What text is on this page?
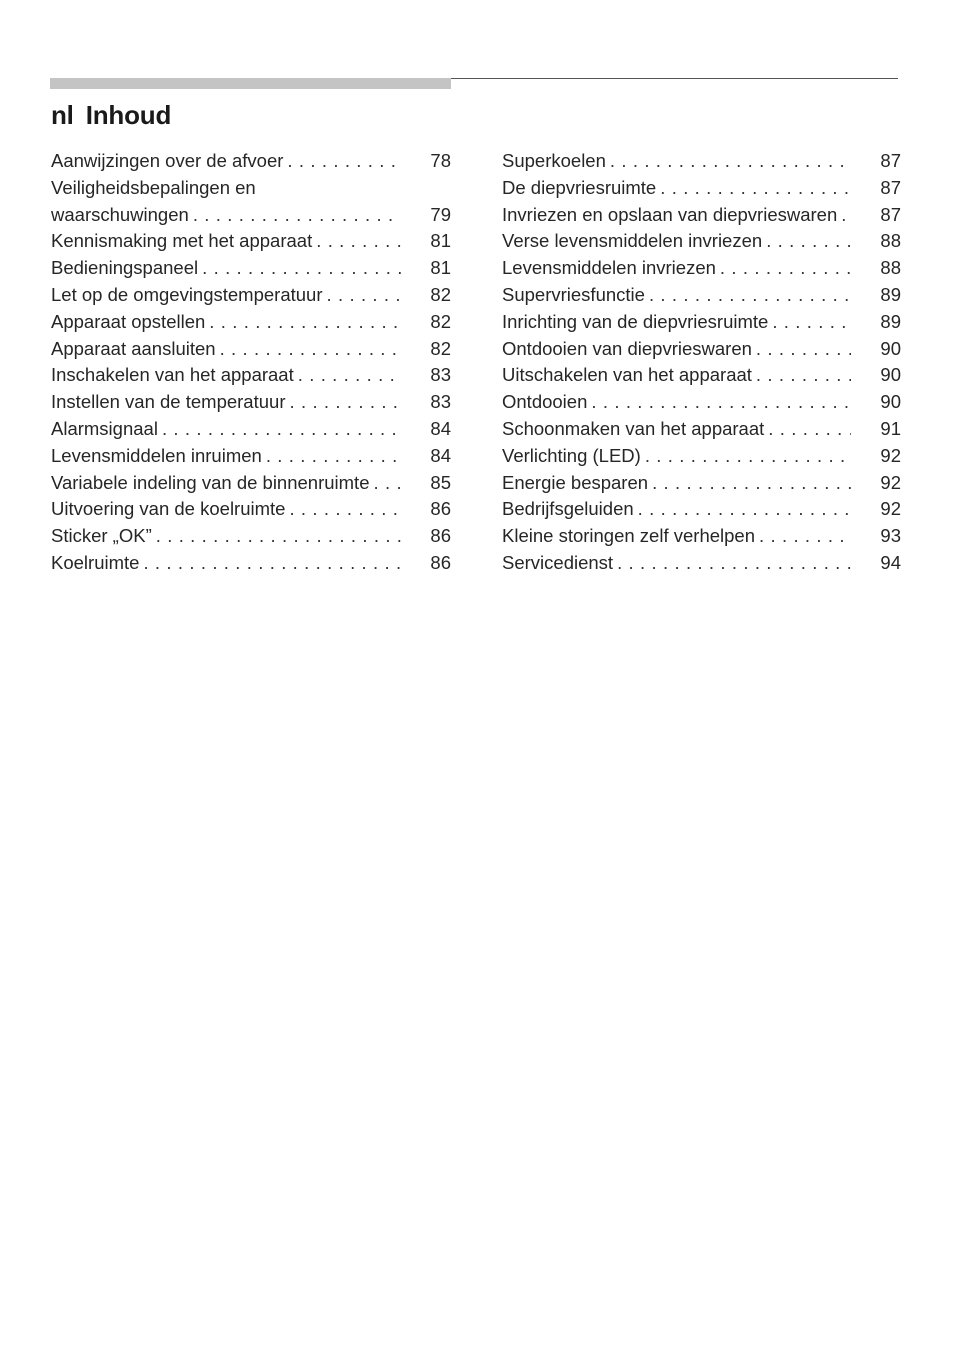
nl Inhoud
Aanwijzingen over de afvoer . . .	78
Veiligheidsbepalingen en
waarschuwingen . . .	79
Kennismaking met het apparaat . . .	81
Bedieningspaneel . . .	81
Let op de omgevingstemperatuur . . .	82
Apparaat opstellen . . .	82
Apparaat aansluiten . . .	82
Inschakelen van het apparaat . . .	83
Instellen van de temperatuur . . .	83
Alarmsignaal . . .	84
Levensmiddelen inruimen . . .	84
Variabele indeling van de binnenruimte . . .	85
Uitvoering van de koelruimte . . .	86
Sticker „OK” . . .	86
Koelruimte . . .	86
Superkoelen . . .	87
De diepvriesruimte . . .	87
Invriezen en opslaan van diepvrieswaren . . .	87
Verse levensmiddelen invriezen . . .	88
Levensmiddelen invriezen . . .	88
Supervriesfunctie . . .	89
Inrichting van de diepvriesruimte . . .	89
Ontdooien van diepvrieswaren . . .	90
Uitschakelen van het apparaat . . .	90
Ontdooien . . .	90
Schoonmaken van het apparaat . . .	91
Verlichting (LED) . . .	92
Energie besparen . . .	92
Bedrijfsgeluiden . . .	92
Kleine storingen zelf verhelpen . . .	93
Servicedienst . . .	94
